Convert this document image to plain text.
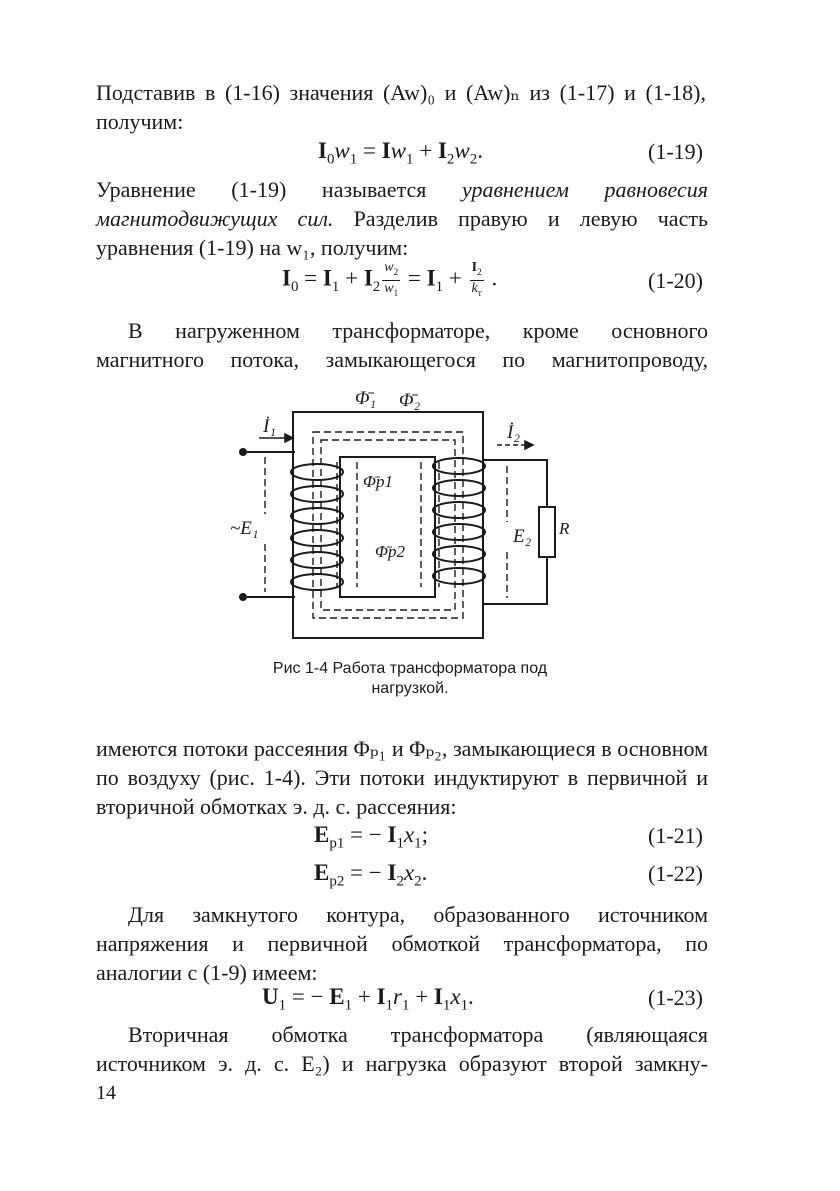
Подставив в (1-16) значения (Aw)₀ и (Aw)ₙ из (1-17) и (1-18), получим:
$I_0w_1 = Iw_1 + I_2w_2$.	(1-19)
Уравнение (1-19) называется уравнением равновесия магнитодвижущих сил. Разделив правую и левую часть уравнения (1-19) на w₁, получим:
$I_0 = I_1 + I_2 \frac{w_2}{w_1} = I_1 + \frac{I_2}{k_т}$ .	(1-20)
В нагруженном трансформаторе, кроме основного магнитного потока, замыкающегося по магнитопроводу,
Φ̄₁ Φ̄₂
İ₁	İ₂
~E₁	E₂ R
Φ̄p1
Φ̄p2
Рис 1-4 Работа трансформатора под
нагрузкой.
имеются потоки рассеяния Φₚ₁ и Φₚ₂, замыкающиеся в основном по воздуху (рис. 1-4). Эти потоки индуктируют в первичной и вторичной обмотках э. д. с. рассеяния:
$E_{p1}$ = − $I_1x_1$;	(1-21)
$E_{p2}$ = − $I_2x_2$.	(1-22)
Для замкнутого контура, образованного источником напряжения и первичной обмоткой трансформатора, по аналогии с (1-9) имеем:
$U_1$ = − $E_1 + I_1r_1 + I_1x_1$.	(1-23)
Вторичная обмотка трансформатора (являющаяся источником э. д. с. E₂) и нагрузка образуют второй замкну-
14
